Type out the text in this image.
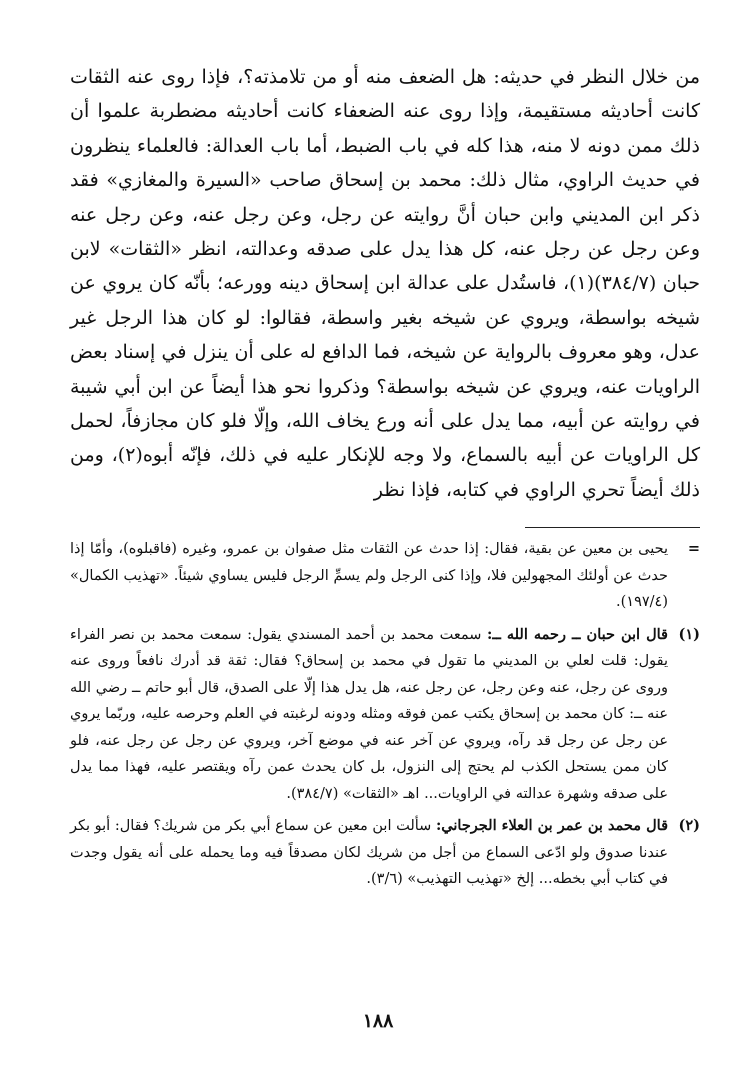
من خلال النظر في حديثه: هل الضعف منه أو من تلامذته؟، فإذا روى عنه الثقات كانت أحاديثه مستقيمة، وإذا روى عنه الضعفاء كانت أحاديثه مضطربة علموا أن ذلك ممن دونه لا منه، هذا كله في باب الضبط، أما باب العدالة: فالعلماء ينظرون في حديث الراوي، مثال ذلك: محمد بن إسحاق صاحب «السيرة والمغازي» فقد ذكر ابن المديني وابن حبان أنَّ روايته عن رجل، وعن رجل عنه، وعن رجل عنه وعن رجل عن رجل عنه، كل هذا يدل على صدقه وعدالته، انظر «الثقات» لابن حبان (٣٨٤/٧)(١)، فاستُدل على عدالة ابن إسحاق دينه وورعه؛ بأنّه كان يروي عن شيخه بواسطة، ويروي عن شيخه بغير واسطة، فقالوا: لو كان هذا الرجل غير عدل، وهو معروف بالرواية عن شيخه، فما الدافع له على أن ينزل في إسناد بعض الراويات عنه، ويروي عن شيخه بواسطة؟ وذكروا نحو هذا أيضاً عن ابن أبي شيبة في روايته عن أبيه، مما يدل على أنه ورع يخاف الله، وإلّا فلو كان مجازفاً، لحمل كل الراويات عن أبيه بالسماع، ولا وجه للإنكار عليه في ذلك، فإنّه أبوه(٢)، ومن ذلك أيضاً تحري الراوي في كتابه، فإذا نظر

=

يحيى بن معين عن بقية، فقال: إذا حدث عن الثقات مثل صفوان بن عمرو، وغيره (فاقبلوه)، وأمّا إذا حدث عن أولئك المجهولين فلا، وإذا كنى الرجل ولم يسمِّ الرجل فليس يساوي شيئاً. «تهذيب الكمال» (١٩٧/٤).

(١)

قال ابن حبان ــ رحمه الله ــ: سمعت محمد بن أحمد المسندي يقول: سمعت محمد بن نصر الفراء يقول: قلت لعلي بن المديني ما تقول في محمد بن إسحاق؟ فقال: ثقة قد أدرك نافعاً وروى عنه وروى عن رجل، عنه وعن رجل، عن رجل عنه، هل يدل هذا إلّا على الصدق، قال أبو حاتم ــ رضي الله عنه ــ: كان محمد بن إسحاق يكتب عمن فوقه ومثله ودونه لرغبته في العلم وحرصه عليه، وربّما يروي عن رجل عن رجل قد رآه، ويروي عن آخر عنه في موضع آخر، ويروي عن رجل عن رجل عنه، فلو كان ممن يستحل الكذب لم يحتج إلى النزول، بل كان يحدث عمن رآه ويقتصر عليه، فهذا مما يدل على صدقه وشهرة عدالته في الراويات... اهـ «الثقات» (٣٨٤/٧).

(٢)

قال محمد بن عمر بن العلاء الجرجاني: سألت ابن معين عن سماع أبي بكر من شريك؟ فقال: أبو بكر عندنا صدوق ولو ادّعى السماع من أجل من شريك لكان مصدقاً فيه وما يحمله على أنه يقول وجدت في كتاب أبي بخطه... إلخ «تهذيب التهذيب» (٣/٦).

١٨٨
